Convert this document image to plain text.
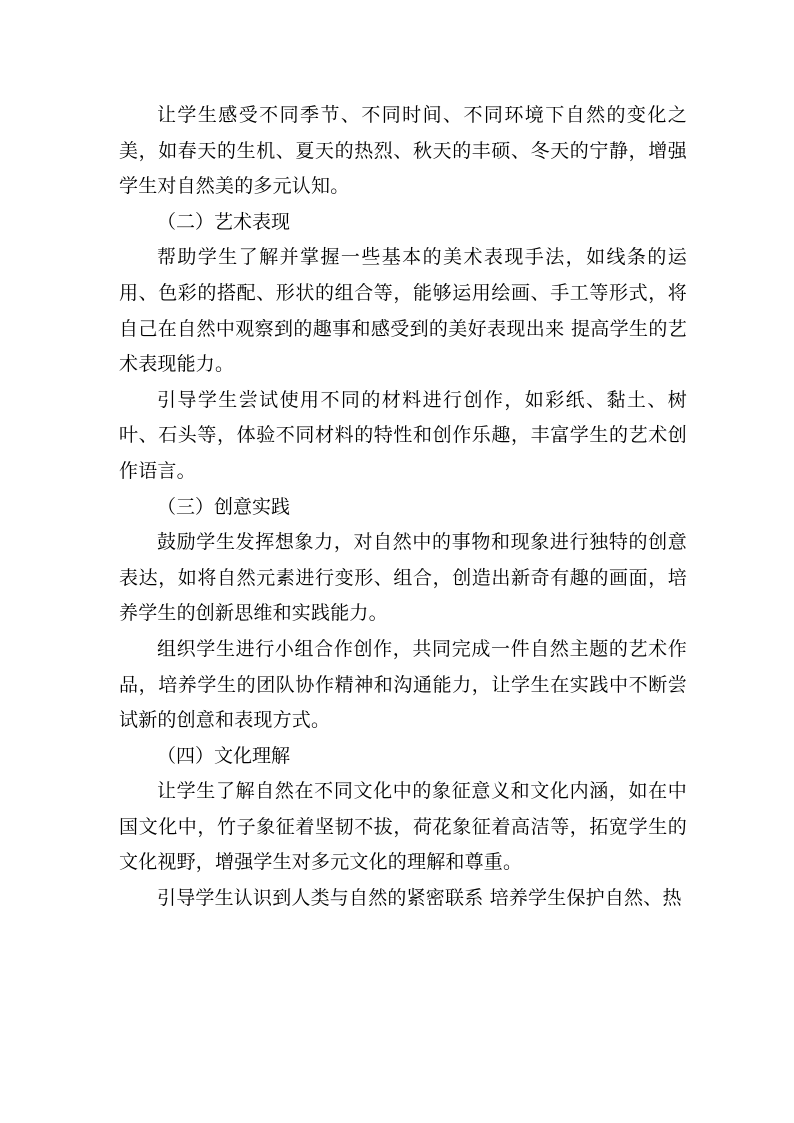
让学生感受不同季节、不同时间、不同环境下自然的变化之美，如春天的生机、夏天的热烈、秋天的丰硕、冬天的宁静，增强学生对自然美的多元认知。

（二）艺术表现

帮助学生了解并掌握一些基本的美术表现手法，如线条的运用、色彩的搭配、形状的组合等，能够运用绘画、手工等形式，将自己在自然中观察到的趣事和感受到的美好表现出来 提高学生的艺术表现能力。

引导学生尝试使用不同的材料进行创作，如彩纸、黏土、树叶、石头等，体验不同材料的特性和创作乐趣，丰富学生的艺术创作语言。

（三）创意实践

鼓励学生发挥想象力，对自然中的事物和现象进行独特的创意表达，如将自然元素进行变形、组合，创造出新奇有趣的画面，培养学生的创新思维和实践能力。

组织学生进行小组合作创作，共同完成一件自然主题的艺术作品，培养学生的团队协作精神和沟通能力，让学生在实践中不断尝试新的创意和表现方式。

（四）文化理解

让学生了解自然在不同文化中的象征意义和文化内涵，如在中国文化中，竹子象征着坚韧不拔，荷花象征着高洁等，拓宽学生的文化视野，增强学生对多元文化的理解和尊重。

引导学生认识到人类与自然的紧密联系 培养学生保护自然、热
